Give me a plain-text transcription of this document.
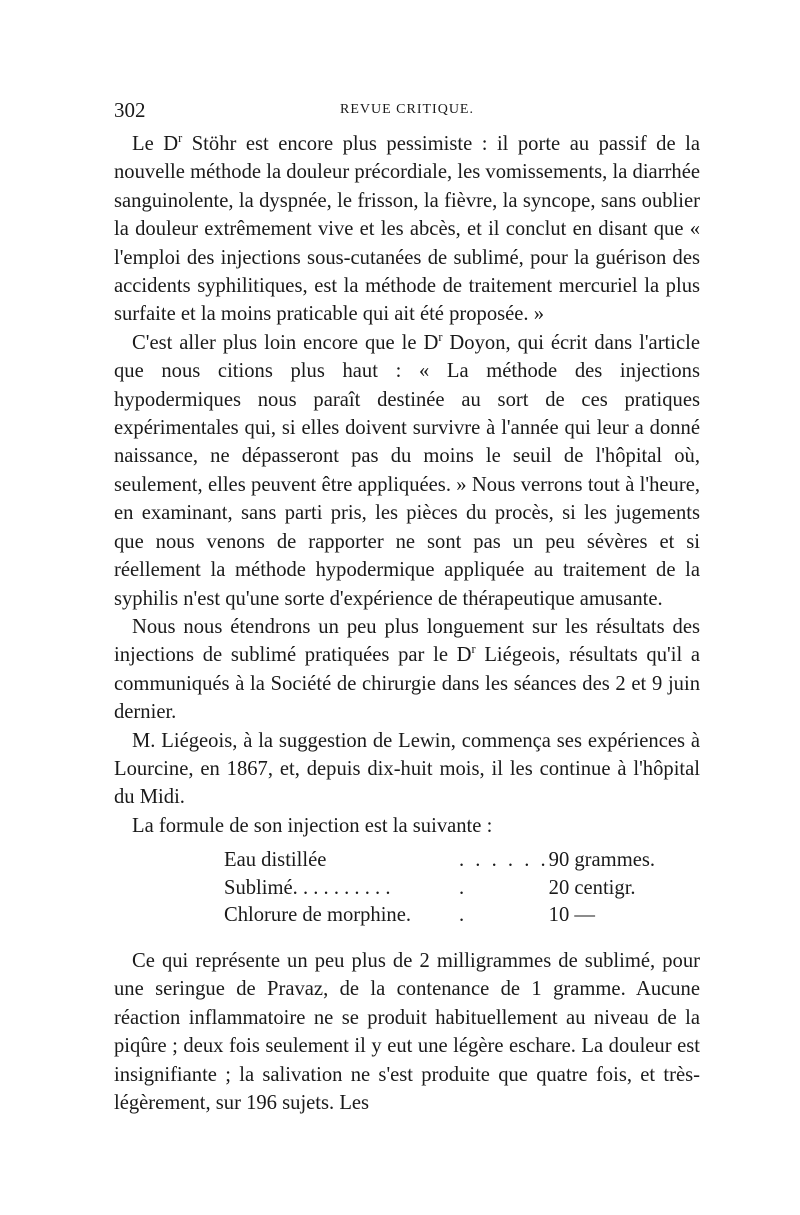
302	REVUE CRITIQUE.

Le $D^r$ Stöhr est encore plus pessimiste : il porte au passif de la nouvelle méthode la douleur précordiale, les vomissements, la diarrhée sanguinolente, la dyspnée, le frisson, la fièvre, la syncope, sans oublier la douleur extrêmement vive et les abcès, et il conclut en disant que « l'emploi des injections sous-cutanées de sublimé, pour la guérison des accidents syphilitiques, est la méthode de traitement mercuriel la plus surfaite et la moins praticable qui ait été proposée. »

C'est aller plus loin encore que le $D^r$ Doyon, qui écrit dans l'article que nous citions plus haut : « La méthode des injections hypodermiques nous paraît destinée au sort de ces pratiques expérimentales qui, si elles doivent survivre à l'année qui leur a donné naissance, ne dépasseront pas du moins le seuil de l'hôpital où, seulement, elles peuvent être appliquées. » Nous verrons tout à l'heure, en examinant, sans parti pris, les pièces du procès, si les jugements que nous venons de rapporter ne sont pas un peu sévères et si réellement la méthode hypodermique appliquée au traitement de la syphilis n'est qu'une sorte d'expérience de thérapeutique amusante.

Nous nous étendrons un peu plus longuement sur les résultats des injections de sublimé pratiquées par le $D^r$ Liégeois, résultats qu'il a communiqués à la Société de chirurgie dans les séances des 2 et 9 juin dernier.

M. Liégeois, à la suggestion de Lewin, commença ses expériences à Lourcine, en 1867, et, depuis dix-huit mois, il les continue à l'hôpital du Midi.

La formule de son injection est la suivante :

Eau distillée	. . . . . .	90 grammes.
Sublimé. . . . . . . . . .	.	20 centigr.
Chlorure de morphine.	.	10 —

Ce qui représente un peu plus de 2 milligrammes de sublimé, pour une seringue de Pravaz, de la contenance de 1 gramme. Aucune réaction inflammatoire ne se produit habituellement au niveau de la piqûre ; deux fois seulement il y eut une légère eschare. La douleur est insignifiante ; la salivation ne s'est produite que quatre fois, et très-légèrement, sur 196 sujets. Les
